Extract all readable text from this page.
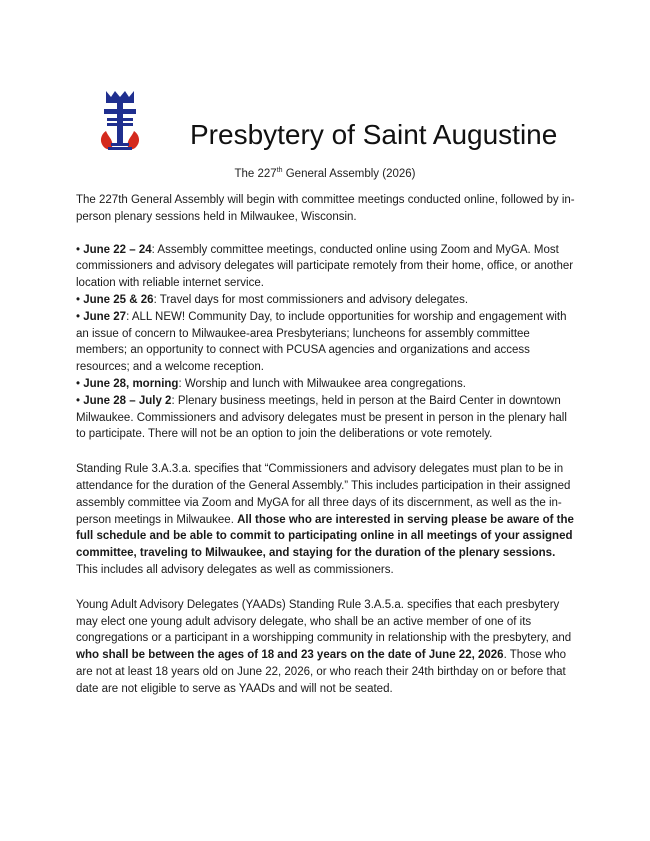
Presbytery of Saint Augustine
The 227th General Assembly (2026)

The 227th General Assembly will begin with committee meetings conducted online, followed by in-person plenary sessions held in Milwaukee, Wisconsin.

• June 22 – 24: Assembly committee meetings, conducted online using Zoom and MyGA. Most commissioners and advisory delegates will participate remotely from their home, office, or another location with reliable internet service.

• June 25 & 26: Travel days for most commissioners and advisory delegates.

• June 27: ALL NEW! Community Day, to include opportunities for worship and engagement with an issue of concern to Milwaukee-area Presbyterians; luncheons for assembly committee members; an opportunity to connect with PCUSA agencies and organizations and access resources; and a welcome reception.

• June 28, morning: Worship and lunch with Milwaukee area congregations.

• June 28 – July 2: Plenary business meetings, held in person at the Baird Center in downtown Milwaukee. Commissioners and advisory delegates must be present in person in the plenary hall to participate. There will not be an option to join the deliberations or vote remotely.

Standing Rule 3.A.3.a. specifies that “Commissioners and advisory delegates must plan to be in attendance for the duration of the General Assembly.” This includes participation in their assigned assembly committee via Zoom and MyGA for all three days of its discernment, as well as the in-person meetings in Milwaukee. All those who are interested in serving please be aware of the full schedule and be able to commit to participating online in all meetings of your assigned committee, traveling to Milwaukee, and staying for the duration of the plenary sessions. This includes all advisory delegates as well as commissioners.

Young Adult Advisory Delegates (YAADs) Standing Rule 3.A.5.a. specifies that each presbytery may elect one young adult advisory delegate, who shall be an active member of one of its congregations or a participant in a worshipping community in relationship with the presbytery, and who shall be between the ages of 18 and 23 years on the date of June 22, 2026. Those who are not at least 18 years old on June 22, 2026, or who reach their 24th birthday on or before that date are not eligible to serve as YAADs and will not be seated.
